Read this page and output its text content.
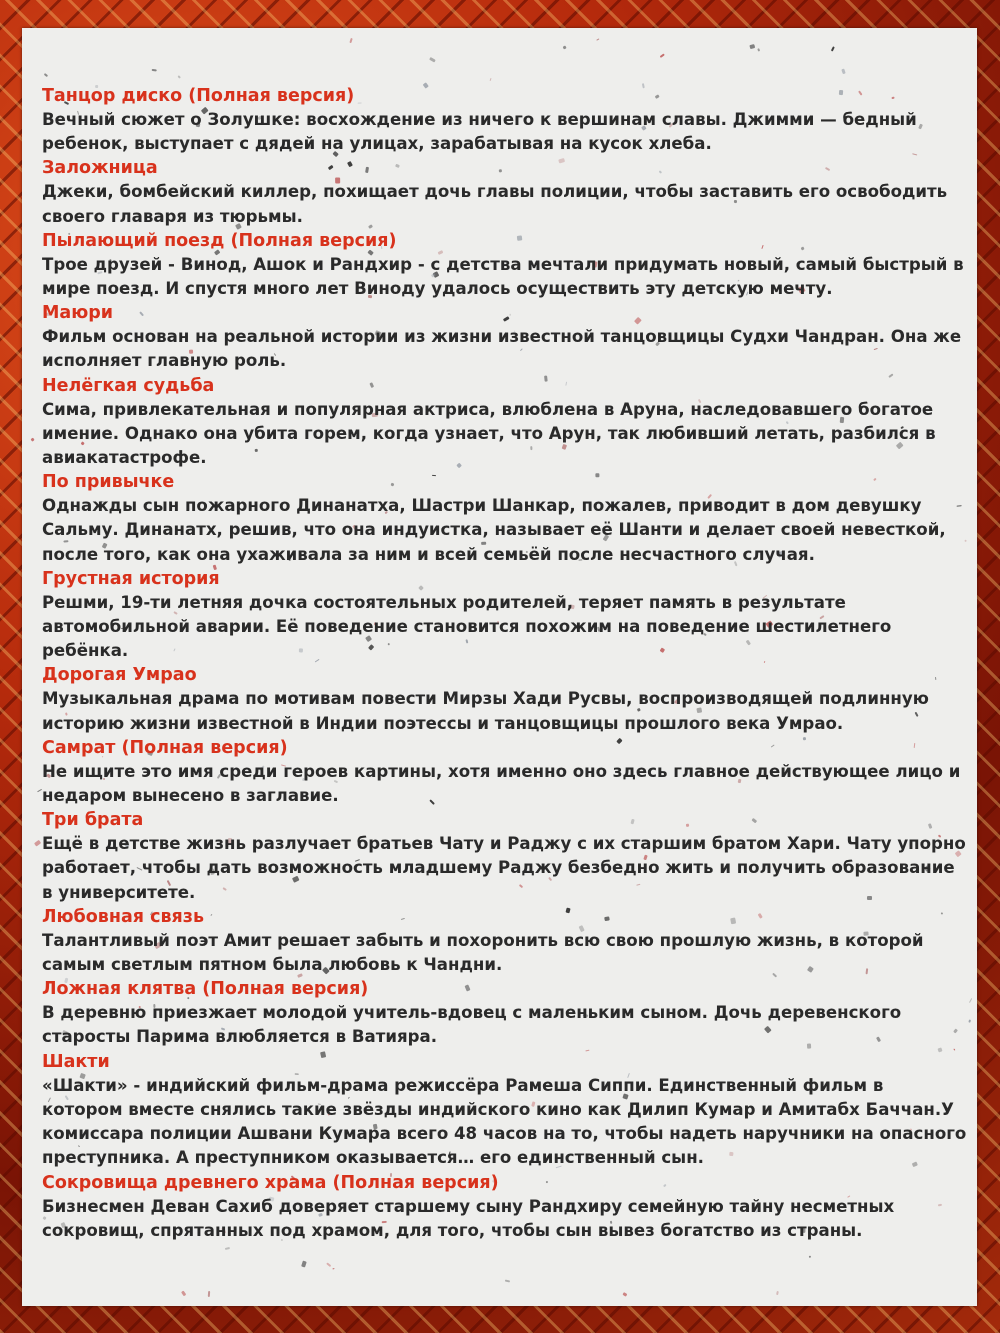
Танцор диско (Полная версия)
Вечный сюжет о Золушке: восхождение из ничего к вершинам славы. Джимми — бедный ребенок, выступает с дядей на улицах, зарабатывая на кусок хлеба.
Заложница
Джеки, бомбейский киллер, похищает дочь главы полиции, чтобы заставить его освободить своего главаря из тюрьмы.
Пылающий поезд (Полная версия)
Трое друзей - Винод, Ашок и Рандхир - с детства мечтали придумать новый, самый быстрый в мире поезд. И спустя много лет Виноду удалось осуществить эту детскую мечту.
Маюри
Фильм основан на реальной истории из жизни известной танцовщицы Судхи Чандран. Она же исполняет главную роль.
Нелёгкая судьба
Сима, привлекательная и популярная актриса, влюблена в Аруна, наследовавшего богатое имение. Однако она убита горем, когда узнает, что Арун, так любивший летать, разбился в авиакатастрофе.
По привычке
Однажды сын пожарного Динанатха, Шастри Шанкар, пожалев, приводит в дом девушку Сальму. Динанатх, решив, что она индуистка, называет её Шанти и делает своей невесткой, после того, как она ухаживала за ним и всей семьёй после несчастного случая.
Грустная история
Решми, 19-ти летняя дочка состоятельных родителей, теряет память в результате автомобильной аварии. Её поведение становится похожим на поведение шестилетнего ребёнка.
Дорогая Умрао
Музыкальная драма по мотивам повести Мирзы Хади Русвы, воспроизводящей подлинную историю жизни известной в Индии поэтессы и танцовщицы прошлого века Умрао.
Самрат (Полная версия)
Не ищите это имя среди героев картины, хотя именно оно здесь главное действующее лицо и недаром вынесено в заглавие.
Три брата
Ещё в детстве жизнь разлучает братьев Чату и Раджу с их старшим братом Хари. Чату упорно работает, чтобы дать возможность младшему Раджу безбедно жить и получить образование в университете.
Любовная связь
Талантливый поэт Амит решает забыть и похоронить всю свою прошлую жизнь, в которой самым светлым пятном была любовь к Чандни.
Ложная клятва (Полная версия)
В деревню приезжает молодой учитель-вдовец с маленьким сыном. Дочь деревенского старосты Парима влюбляется в Ватияра.
Шакти
«Шакти» - индийский фильм-драма режиссёра Рамеша Сиппи. Единственный фильм в котором вместе снялись такие звёзды индийского кино как Дилип Кумар и Амитабх Баччан.У комиссара полиции Ашвани Кумара всего 48 часов на то, чтобы надеть наручники на опасного преступника. А преступником оказывается… его единственный сын.
Сокровища древнего храма (Полная версия)
Бизнесмен Деван Сахиб доверяет старшему сыну Рандхиру семейную тайну несметных сокровищ, спрятанных под храмом, для того, чтобы сын вывез богатство из страны.
